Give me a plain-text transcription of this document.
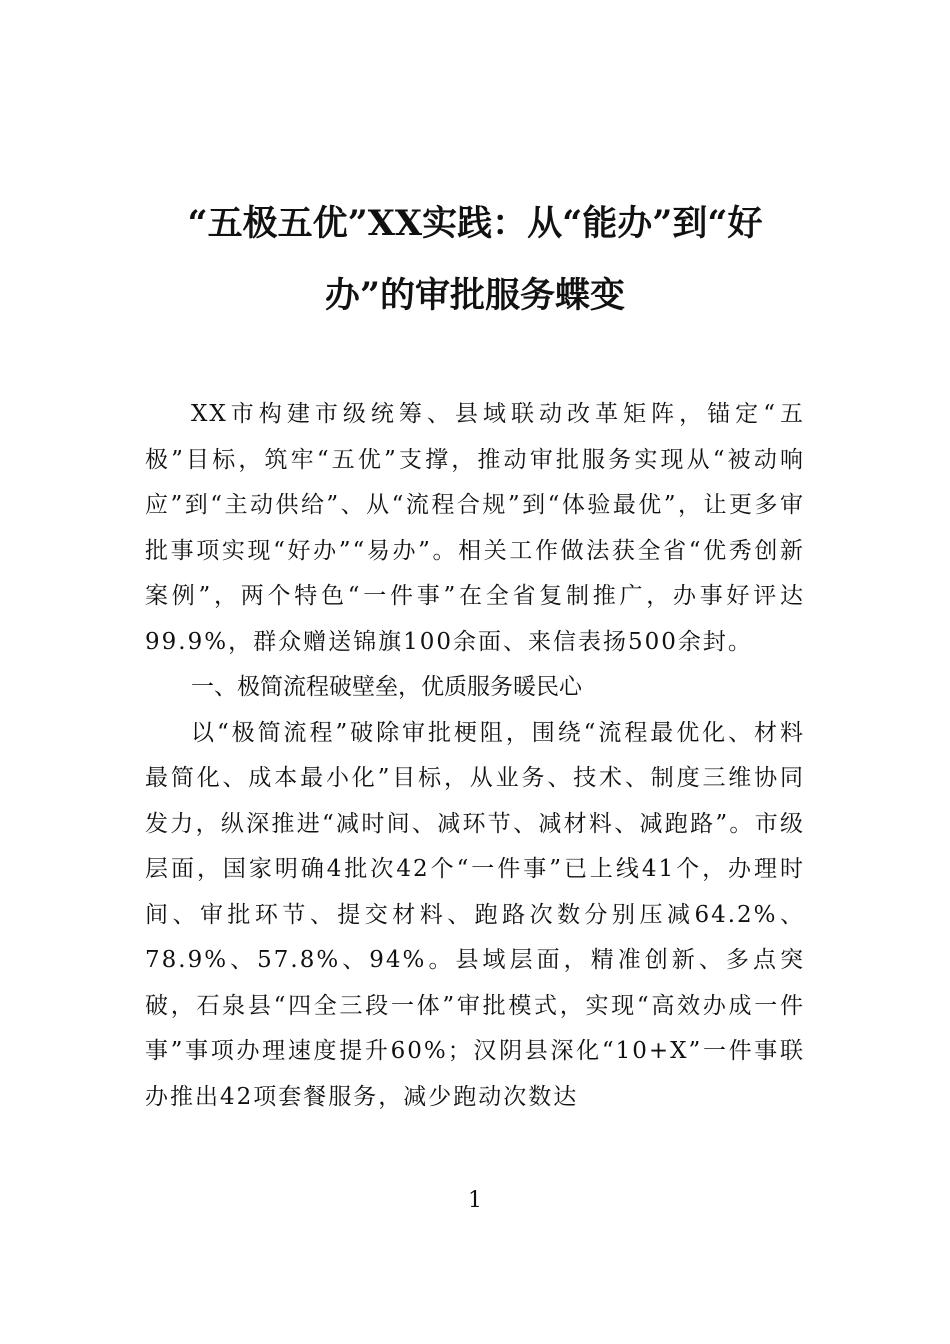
“五极五优”XX实践：从“能办”到“好办”的审批服务蝶变

XX市构建市级统筹、县域联动改革矩阵，锚定“五极”目标，筑牢“五优”支撑，推动审批服务实现从“被动响应”到“主动供给”、从“流程合规”到“体验最优”，让更多审批事项实现“好办”“易办”。相关工作做法获全省“优秀创新案例”，两个特色“一件事”在全省复制推广，办事好评达99.9%，群众赠送锦旗100余面、来信表扬500余封。

一、极简流程破壁垒，优质服务暖民心

以“极简流程”破除审批梗阻，围绕“流程最优化、材料最简化、成本最小化”目标，从业务、技术、制度三维协同发力，纵深推进“减时间、减环节、减材料、减跑路”。市级层面，国家明确4批次42个“一件事”已上线41个，办理时间、审批环节、提交材料、跑路次数分别压减64.2%、78.9%、57.8%、94%。县域层面，精准创新、多点突破，石泉县“四全三段一体”审批模式，实现“高效办成一件事”事项办理速度提升60%；汉阴县深化“10+X”一件事联办推出42项套餐服务，减少跑动次数达

1
